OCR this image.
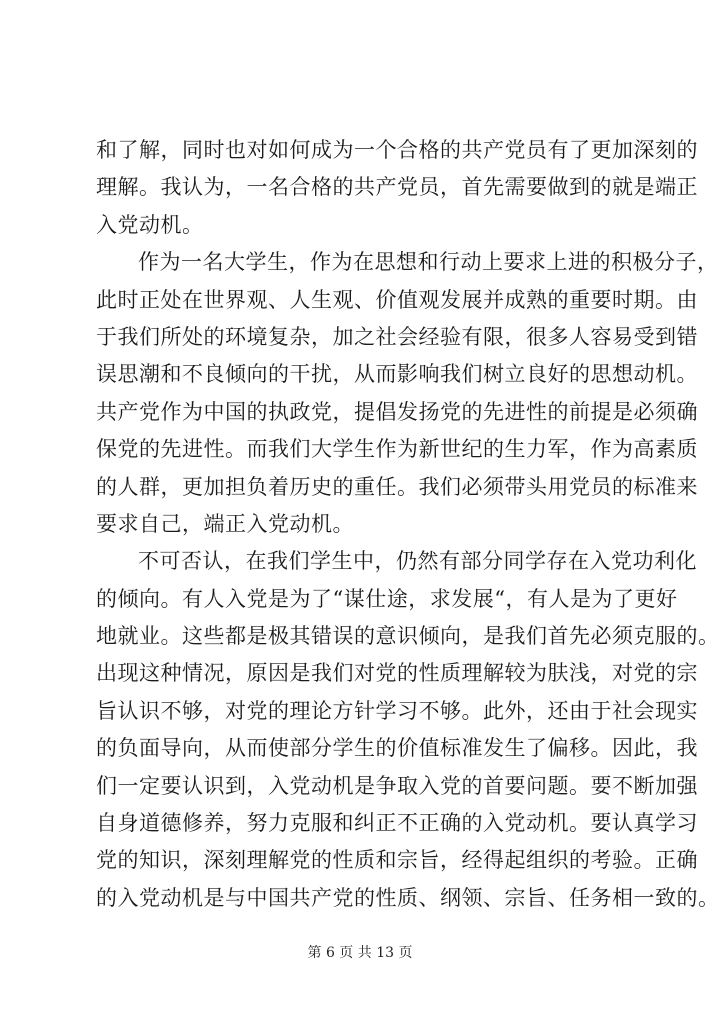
和了解，同时也对如何成为一个合格的共产党员有了更加深刻的
理解。我认为，一名合格的共产党员，首先需要做到的就是端正
入党动机。
作为一名大学生，作为在思想和行动上要求上进的积极分子，
此时正处在世界观、人生观、价值观发展并成熟的重要时期。由
于我们所处的环境复杂，加之社会经验有限，很多人容易受到错
误思潮和不良倾向的干扰，从而影响我们树立良好的思想动机。
共产党作为中国的执政党，提倡发扬党的先进性的前提是必须确
保党的先进性。而我们大学生作为新世纪的生力军，作为高素质
的人群，更加担负着历史的重任。我们必须带头用党员的标准来
要求自己，端正入党动机。
不可否认，在我们学生中，仍然有部分同学存在入党功利化
的倾向。有人入党是为了“谋仕途，求发展“，有人是为了更好
地就业。这些都是极其错误的意识倾向，是我们首先必须克服的。
出现这种情况，原因是我们对党的性质理解较为肤浅，对党的宗
旨认识不够，对党的理论方针学习不够。此外，还由于社会现实
的负面导向，从而使部分学生的价值标准发生了偏移。因此，我
们一定要认识到，入党动机是争取入党的首要问题。要不断加强
自身道德修养，努力克服和纠正不正确的入党动机。要认真学习
党的知识，深刻理解党的性质和宗旨，经得起组织的考验。正确
的入党动机是与中国共产党的性质、纲领、宗旨、任务相一致的。
第 6 页 共 13 页
